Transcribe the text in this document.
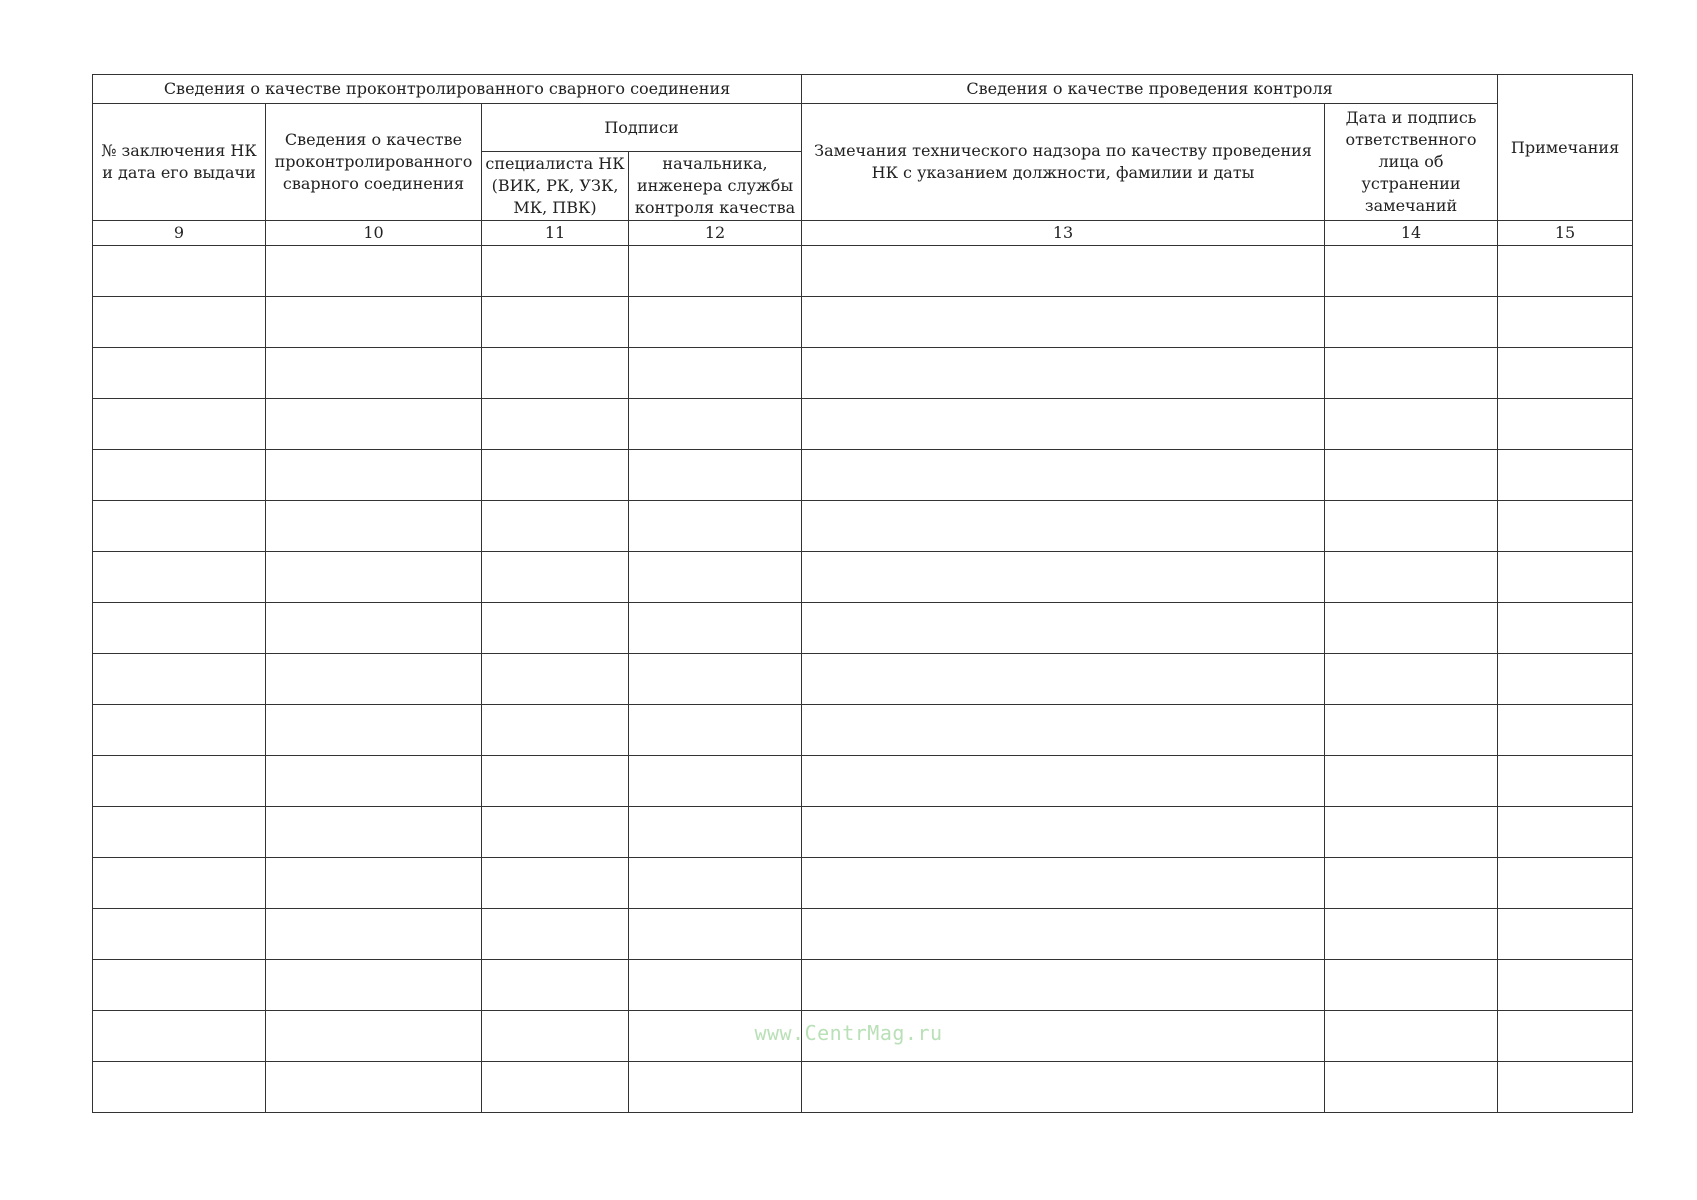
Сведения о качестве проконтролированного сварного соединения				Сведения о качестве проведения контроля		Примечания
№ заключения НК и дата его выдачи	Сведения о качестве проконтролированного сварного соединения	Подписи		Замечания технического надзора по качеству проведения НК с указанием должности, фамилии и даты	Дата и подпись ответственного лица об устранении замечаний	
		специалиста НК (ВИК, РК, УЗК, МК, ПВК)	начальника, инженера службы контроля качества			
9	10	11	12	13	14	15

www.CentrMag.ru
